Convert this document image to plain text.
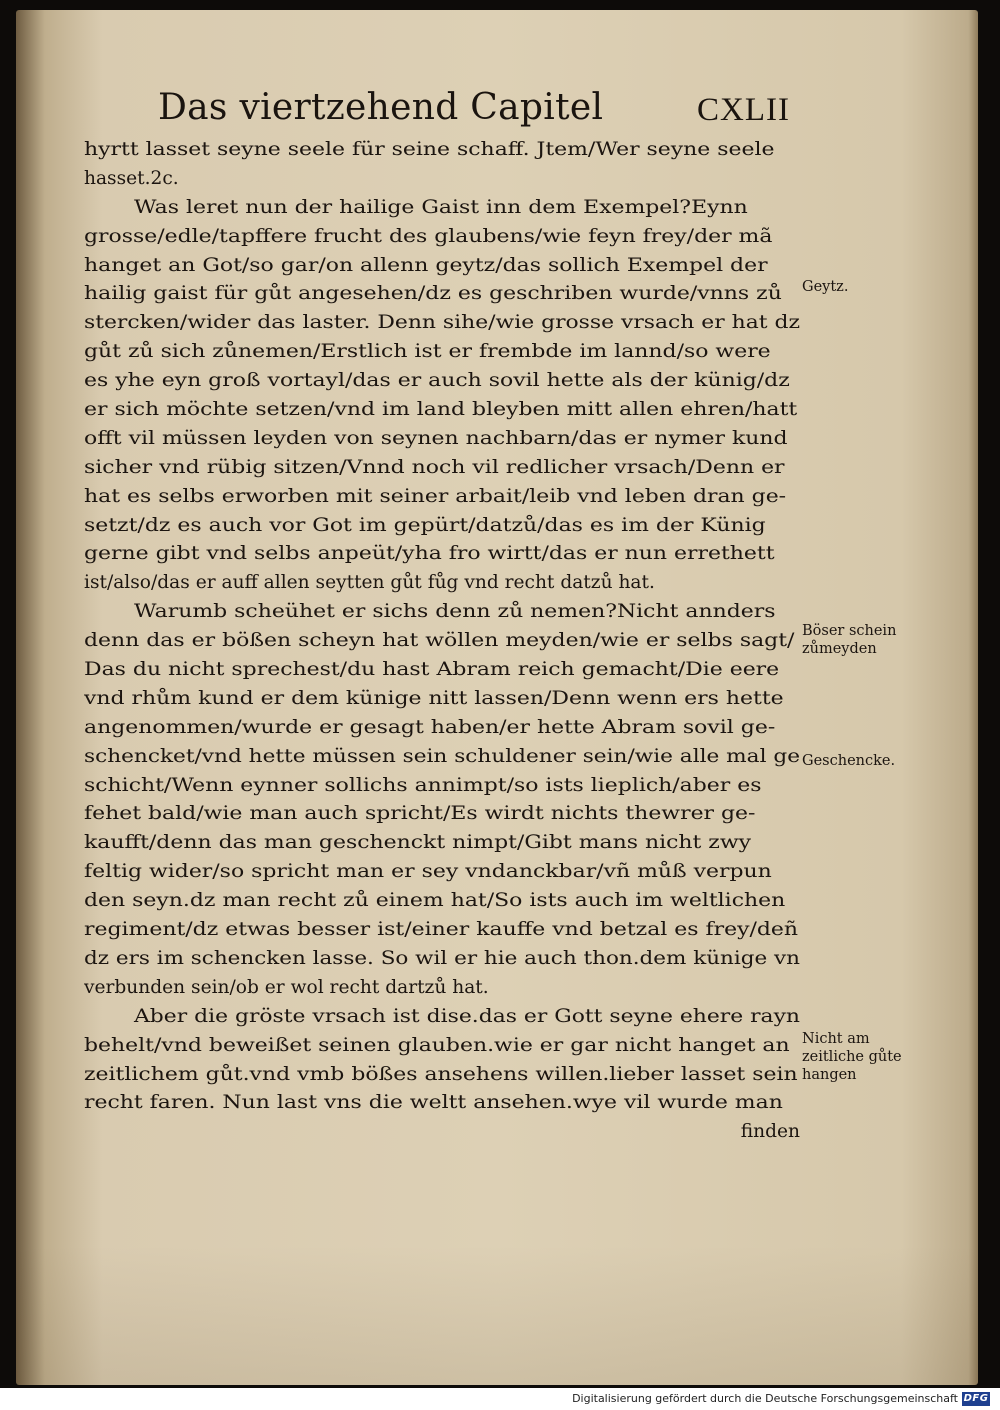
Das viertzehend Capitel	CXLII
hyrtt lasset seyne seele für seine schaff. Jtem/Wer seyne seele
hasset.2c.
Was leret nun der hailige Gaist inn dem Exempel?Eynn
grosse/edle/tapffere frucht des glaubens/wie feyn frey/der mã
hanget an Got/so gar/on allenn geytz/das sollich Exempel der
hailig gaist für gůt angesehen/dz es geschriben wurde/vnns zů
stercken/wider das laster. Denn sihe/wie grosse vrsach er hat dz
gůt zů sich zůnemen/Erstlich ist er frembde im lannd/so were
es yhe eyn groß vortayl/das er auch sovil hette als der künig/dz
er sich möchte setzen/vnd im land bleyben mitt allen ehren/hatt
offt vil müssen leyden von seynen nachbarn/das er nymer kund
sicher vnd rübig sitzen/Vnnd noch vil redlicher vrsach/Denn er
hat es selbs erworben mit seiner arbait/leib vnd leben dran ge-
setzt/dz es auch vor Got im gepürt/datzů/das es im der Künig
gerne gibt vnd selbs anpeüt/yha fro wirtt/das er nun errethett
ist/also/das er auff allen seytten gůt fůg vnd recht datzů hat.
Warumb scheühet er sichs denn zů nemen?Nicht annders
denn das er bößen scheyn hat wöllen meyden/wie er selbs sagt/
Das du nicht sprechest/du hast Abram reich gemacht/Die eere
vnd rhům kund er dem künige nitt lassen/Denn wenn ers hette
angenommen/wurde er gesagt haben/er hette Abram sovil ge-
schencket/vnd hette müssen sein schuldener sein/wie alle mal ge
schicht/Wenn eynner sollichs annimpt/so ists lieplich/aber es
fehet bald/wie man auch spricht/Es wirdt nichts thewrer ge-
kaufft/denn das man geschenckt nimpt/Gibt mans nicht zwy
feltig wider/so spricht man er sey vndanckbar/vñ můß verpun
den seyn.dz man recht zů einem hat/So ists auch im weltlichen
regiment/dz etwas besser ist/einer kauffe vnd betzal es frey/deñ
dz ers im schencken lasse. So wil er hie auch thon.dem künige vn
verbunden sein/ob er wol recht dartzů hat.
Aber die gröste vrsach ist dise.das er Gott seyne ehere rayn
behelt/vnd beweißet seinen glauben.wie er gar nicht hanget an
zeitlichem gůt.vnd vmb bößes ansehens willen.lieber lasset sein
recht faren. Nun last vns die weltt ansehen.wye vil wurde man
finden
Geytz.
Böser schein
zůmeyden
Geschencke.
Nicht am
zeitliche gůte
hangen
Digitalisierung gefördert durch die Deutsche Forschungsgemeinschaft DFG
